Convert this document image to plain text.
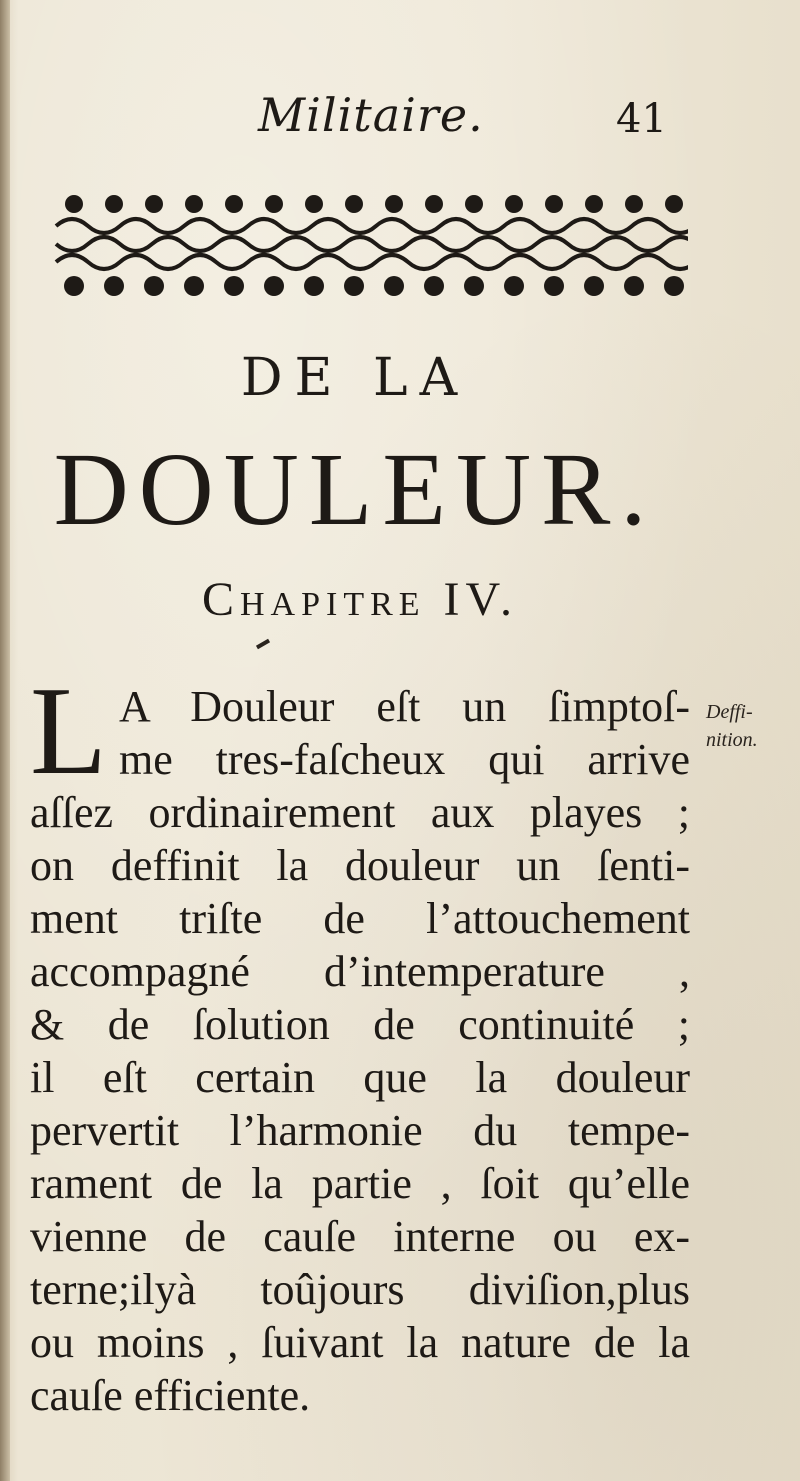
Militaire.	41
DE LA
DOULEUR.
Chapitre IV.
L A Douleur eſt un ſimptoſ-
me tres-faſcheux qui arrive
aſſez ordinairement aux playes ;
on deffinit la douleur un ſenti-
ment triſte de l’attouchement
accompagné d’intemperature ,
& de ſolution de continuité ;
il eſt certain que la douleur
pervertit l’harmonie du tempe-
rament de la partie , ſoit qu’elle
vienne de cauſe interne ou ex-
terne;ilyà toûjours diviſion,plus
ou moins , ſuivant la nature de la
cauſe efficiente.
Deffi-
nition.
